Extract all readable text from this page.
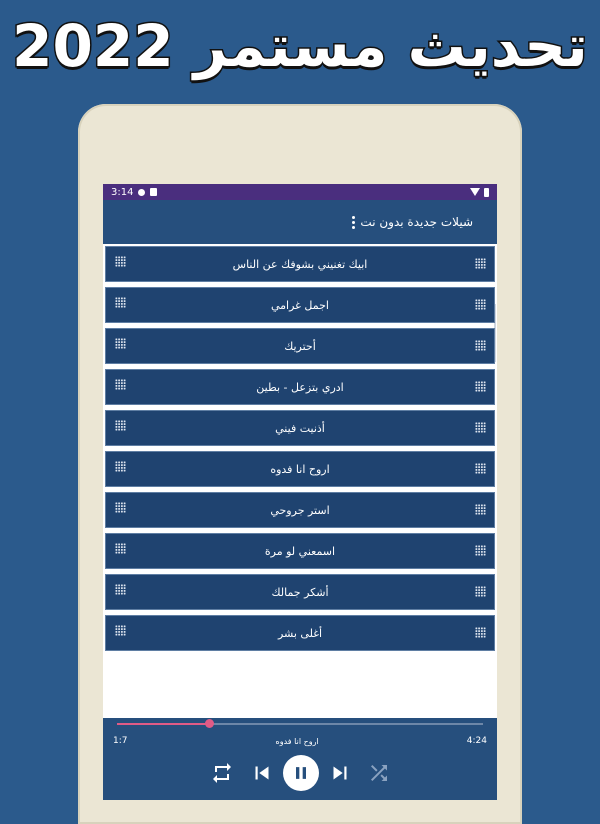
تحديث مستمر 2022
3:14
شيلات جديدة بدون نت
ابيك تغنيني بشوفك عن الناس
اجمل غرامي
أحتريك
ادري بتزعل - بطين
أذنيت فيني
اروح انا فدوه
استر جروحي
اسمعني لو مرة
أشكر جمالك
أغلى بشر
1:7	اروح انا فدوه	4:24
